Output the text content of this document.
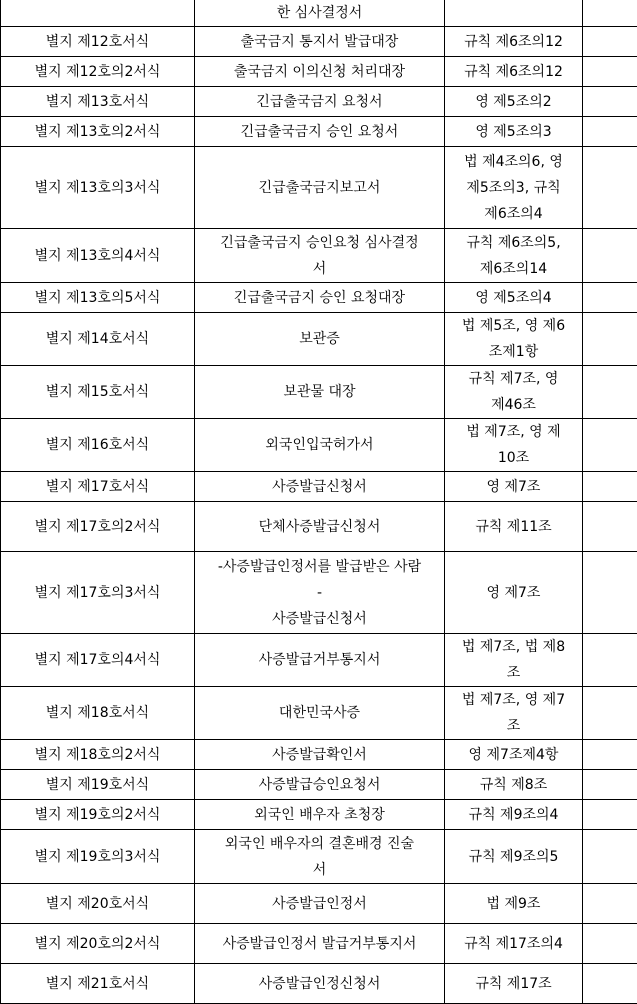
	한 심사결정서		

별지 제12호서식	출국금지 통지서 발급대장	규칙 제6조의12	

별지 제12호의2서식	출국금지 이의신청 처리대장	규칙 제6조의12	

별지 제13호서식	긴급출국금지 요청서	영 제5조의2	

별지 제13호의2서식	긴급출국금지 승인 요청서	영 제5조의3	

별지 제13호의3서식	긴급출국금지보고서	법 제4조의6, 영
제5조의3, 규칙
제6조의4	

별지 제13호의4서식	긴급출국금지 승인요청 심사결정
서	규칙 제6조의5,
제6조의14	

별지 제13호의5서식	긴급출국금지 승인 요청대장	영 제5조의4	

별지 제14호서식	보관증	법 제5조, 영 제6
조제1항	

별지 제15호서식	보관물 대장	규칙 제7조, 영
제46조	

별지 제16호서식	외국인입국허가서	법 제7조, 영 제
10조	

별지 제17호서식	사증발급신청서	영 제7조	

별지 제17호의2서식	단체사증발급신청서	규칙 제11조	

별지 제17호의3서식	-사증발급인정서를 발급받은 사람
-
사증발급신청서	영 제7조	

별지 제17호의4서식	사증발급거부통지서	법 제7조, 법 제8
조	

별지 제18호서식	대한민국사증	법 제7조, 영 제7
조	

별지 제18호의2서식	사증발급확인서	영 제7조제4항	

별지 제19호서식	사증발급승인요청서	규칙 제8조	

별지 제19호의2서식	외국인 배우자 초청장	규칙 제9조의4	

별지 제19호의3서식	외국인 배우자의 결혼배경 진술
서	규칙 제9조의5	

별지 제20호서식	사증발급인정서	법 제9조	

별지 제20호의2서식	사증발급인정서 발급거부통지서	규칙 제17조의4	

별지 제21호서식	사증발급인정신청서	규칙 제17조	
